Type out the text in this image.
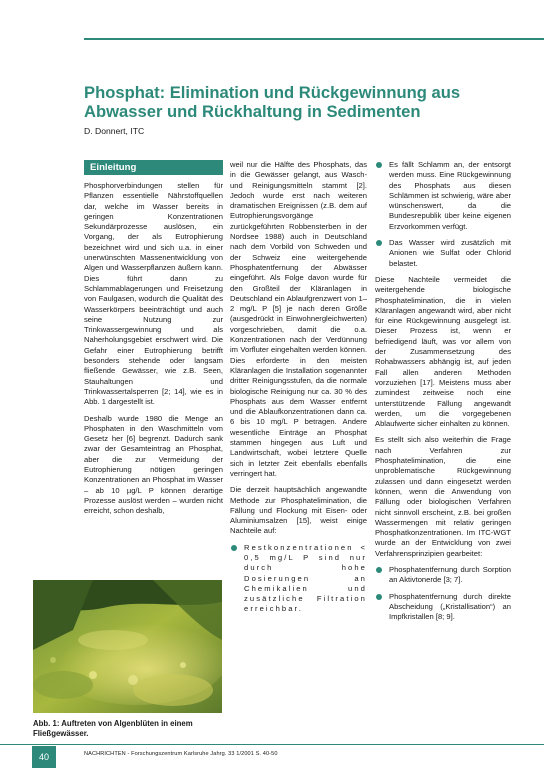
Phosphat: Elimination und Rückgewinnung aus Abwasser und Rückhaltung in Sedimenten
D. Donnert, ITC
Einleitung

Phosphorverbindungen stellen für Pflanzen essentielle Nährstoffquellen dar, welche im Wasser bereits in geringen Konzentrationen Sekundärprozesse auslösen, ein Vorgang, der als Eutrophierung bezeichnet wird und sich u.a. in einer unerwünschten Massenentwicklung von Algen und Wasserpflanzen äußern kann. Dies führt dann zu Schlammablagerungen und Freisetzung von Faulgasen, wodurch die Qualität des Wasserkörpers beeinträchtigt und auch seine Nutzung zur Trinkwassergewinnung und als Naherholungsgebiet erschwert wird. Die Gefahr einer Eutrophierung betrifft besonders stehende oder langsam fließende Gewässer, wie z.B. Seen, Stauhaltungen und Trinkwassertalsperren [2; 14], wie es in Abb. 1 dargestellt ist.

Deshalb wurde 1980 die Menge an Phosphaten in den Waschmitteln vom Gesetz her [6] begrenzt. Dadurch sank zwar der Gesamteintrag an Phosphat, aber die zur Vermeidung der Eutrophierung nötigen geringen Konzentrationen an Phosphat im Wasser – ab 10 µg/L P können derartige Prozesse auslöst werden – wurden nicht erreicht, schon deshalb,

weil nur die Hälfte des Phosphats, das in die Gewässer gelangt, aus Wasch- und Reinigungsmitteln stammt [2]. Jedoch wurde erst nach weiteren dramatischen Ereignissen (z.B. dem auf Eutrophierungsvorgänge zurückgeführten Robbensterben in der Nordsee 1988) auch in Deutschland nach dem Vorbild von Schweden und der Schweiz eine weitergehende Phosphatentfernung der Abwässer eingeführt. Als Folge davon wurde für den Großteil der Kläranlagen in Deutschland ein Ablaufgrenzwert von 1–2 mg/L P [5] je nach deren Größe (ausgedrückt in Einwohnergleichwerten) vorgeschrieben, damit die o.a. Konzentrationen nach der Verdünnung im Vorfluter eingehalten werden können. Dies erforderte in den meisten Kläranlagen die Installation sogenannter dritter Reinigungsstufen, da die normale biologische Reinigung nur ca. 30 % des Phosphats aus dem Wasser entfernt und die Ablaufkonzentrationen dann ca. 6 bis 10 mg/L P betragen. Andere wesentliche Einträge an Phosphat stammen hingegen aus Luft und Landwirtschaft, wobei letztere Quelle sich in letzter Zeit ebenfalls ebenfalls verringert hat.

Die derzeit hauptsächlich angewandte Methode zur Phosphatelimination, die Fällung und Flockung mit Eisen- oder Aluminiumsalzen [15], weist einige Nachteile auf:

Restkonzentrationen < 0,5 mg/L P sind nur durch hohe Dosierungen an Chemikalien und zusätzliche Filtration erreichbar.
Es fällt Schlamm an, der entsorgt werden muss. Eine Rückgewinnung des Phosphats aus diesen Schlämmen ist schwierig, wäre aber wünschenswert, da die Bundesrepublik über keine eigenen Erzvorkommen verfügt.
Das Wasser wird zusätzlich mit Anionen wie Sulfat oder Chlorid belastet.

Diese Nachteile vermeidet die weitergehende biologische Phosphatelimination, die in vielen Kläranlagen angewandt wird, aber nicht für eine Rückgewinnung ausgelegt ist. Dieser Prozess ist, wenn er befriedigend läuft, was vor allem von der Zusammensetzung des Rohabwassers abhängig ist, auf jeden Fall allen anderen Methoden vorzuziehen [17]. Meistens muss aber zumindest zeitweise noch eine unterstützende Fällung angewandt werden, um die vorgegebenen Ablaufwerte sicher einhalten zu können.

Es stellt sich also weiterhin die Frage nach Verfahren zur Phosphatelimination, die eine unproblematische Rückgewinnung zulassen und dann eingesetzt werden können, wenn die Anwendung von Fällung oder biologischen Verfahren nicht sinnvoll erscheint, z.B. bei großen Wassermengen mit relativ geringen Phosphatkonzentrationen. Im ITC-WGT wurde an der Entwicklung von zwei Verfahrensprinzipien gearbeitet:

Phosphatentfernung durch Sorption an Aktivtonerde [3; 7].
Phosphatentfernung durch direkte Abscheidung („Kristallisation“) an Impfkristallen [8; 9].
Abb. 1: Auftreten von Algenblüten in einem Fließgewässer.
40	NACHRICHTEN - Forschungszentrum Karlsruhe Jahrg. 33 1/2001 S. 40-50
